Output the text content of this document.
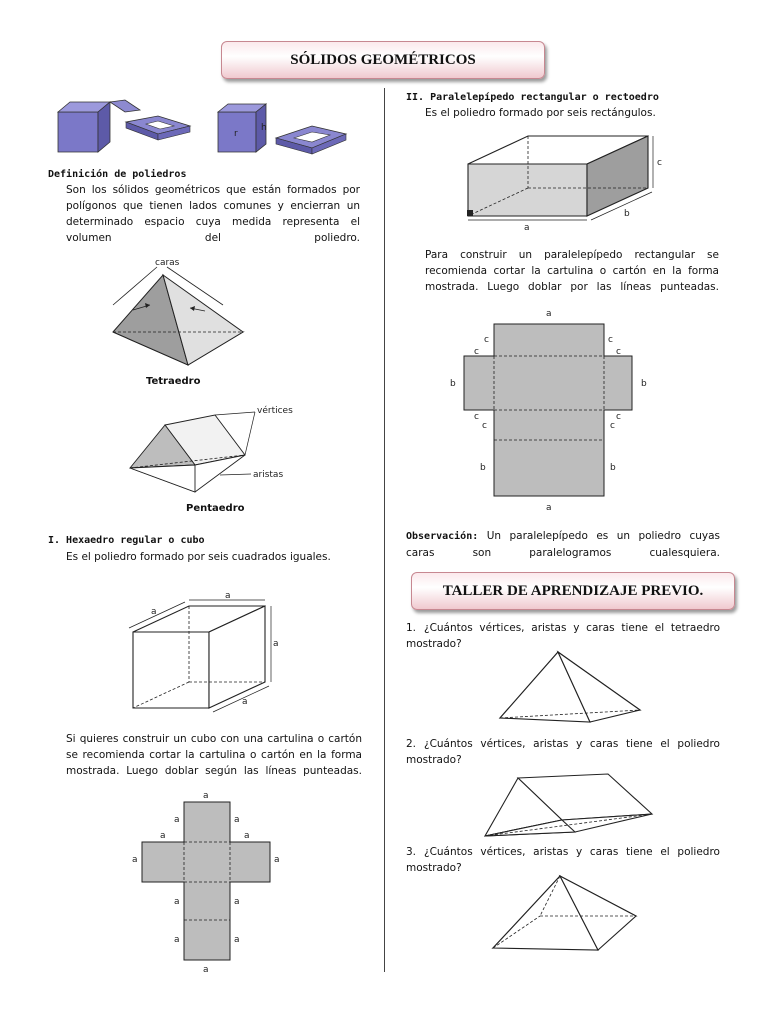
SÓLIDOS GEOMÉTRICOS
r
h
Definición de poliedros
Son los sólidos geométricos que están formados por polígonos que tienen lados comunes y encierran un determinado espacio cuya medida representa el volumen del poliedro.
caras
Tetraedro
vértices
aristas
Pentaedro
I. Hexaedro regular o cubo
Es el poliedro formado por seis cuadrados iguales.
a
a
a
a
Si quieres construir un cubo con una cartulina o cartón se recomienda cortar la cartulina o cartón en la forma mostrada. Luego doblar según las líneas punteadas.
a
a	a
a	a
a	a
a	a
a	a
a
II. Paralelepípedo rectangular o rectoedro
Es el poliedro formado por seis rectángulos.
a
b
c
Para construir un paralelepípedo rectangular se recomienda cortar la cartulina o cartón en la forma mostrada. Luego doblar por las líneas punteadas.
a
c	c
c	c
b	b
c	c
c	c
b	b
a
Observación: Un paralelepípedo es un poliedro cuyas caras son paralelogramos cualesquiera.
TALLER DE APRENDIZAJE PREVIO.
1. ¿Cuántos vértices, aristas y caras tiene el tetraedro mostrado?
2. ¿Cuántos vértices, aristas y caras tiene el poliedro mostrado?
3. ¿Cuántos vértices, aristas y caras tiene el poliedro mostrado?
